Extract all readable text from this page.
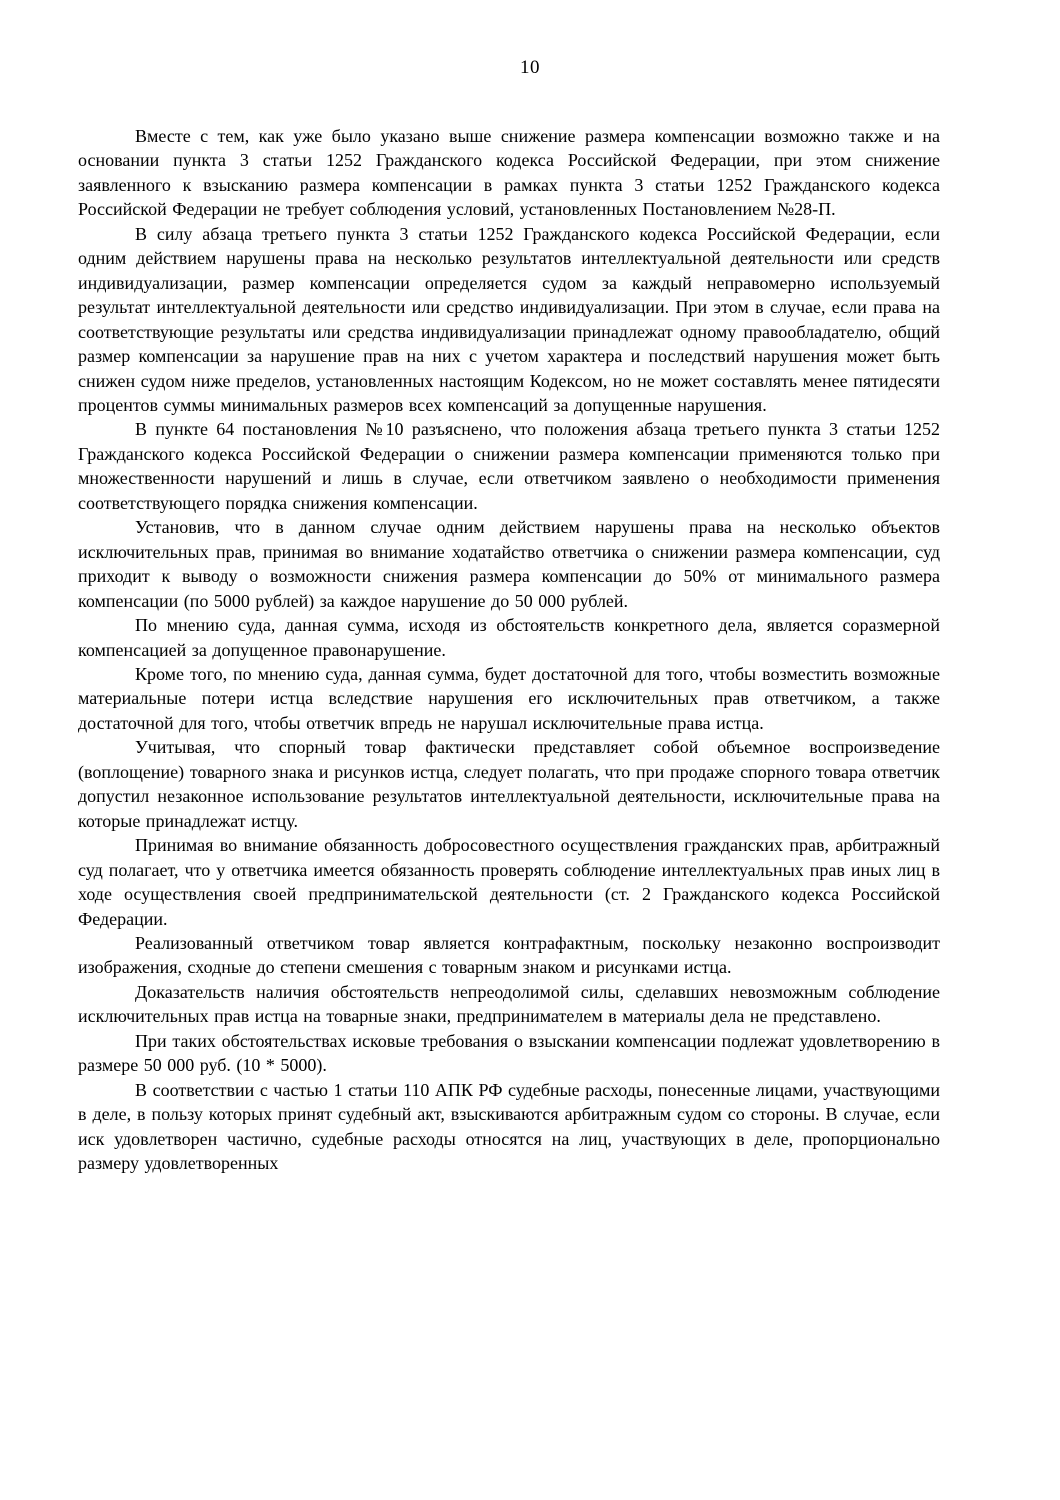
10

Вместе с тем, как уже было указано выше снижение размера компенсации возможно также и на основании пункта 3 статьи 1252 Гражданского кодекса Российской Федерации, при этом снижение заявленного к взысканию размера компенсации в рамках пункта 3 статьи 1252 Гражданского кодекса Российской Федерации не требует соблюдения условий, установленных Постановлением №28-П.

В силу абзаца третьего пункта 3 статьи 1252 Гражданского кодекса Российской Федерации, если одним действием нарушены права на несколько результатов интеллектуальной деятельности или средств индивидуализации, размер компенсации определяется судом за каждый неправомерно используемый результат интеллектуальной деятельности или средство индивидуализации. При этом в случае, если права на соответствующие результаты или средства индивидуализации принадлежат одному правообладателю, общий размер компенсации за нарушение прав на них с учетом характера и последствий нарушения может быть снижен судом ниже пределов, установленных настоящим Кодексом, но не может составлять менее пятидесяти процентов суммы минимальных размеров всех компенсаций за допущенные нарушения.

В пункте 64 постановления №10 разъяснено, что положения абзаца третьего пункта 3 статьи 1252 Гражданского кодекса Российской Федерации о снижении размера компенсации применяются только при множественности нарушений и лишь в случае, если ответчиком заявлено о необходимости применения соответствующего порядка снижения компенсации.

Установив, что в данном случае одним действием нарушены права на несколько объектов исключительных прав, принимая во внимание ходатайство ответчика о снижении размера компенсации, суд приходит к выводу о возможности снижения размера компенсации до 50% от минимального размера компенсации (по 5000 рублей) за каждое нарушение до 50 000 рублей.

По мнению суда, данная сумма, исходя из обстоятельств конкретного дела, является соразмерной компенсацией за допущенное правонарушение.

Кроме того, по мнению суда, данная сумма, будет достаточной для того, чтобы возместить возможные материальные потери истца вследствие нарушения его исключительных прав ответчиком, а также достаточной для того, чтобы ответчик впредь не нарушал исключительные права истца.

Учитывая, что спорный товар фактически представляет собой объемное воспроизведение (воплощение) товарного знака и рисунков истца, следует полагать, что при продаже спорного товара ответчик допустил незаконное использование результатов интеллектуальной деятельности, исключительные права на которые принадлежат истцу.

Принимая во внимание обязанность добросовестного осуществления гражданских прав, арбитражный суд полагает, что у ответчика имеется обязанность проверять соблюдение интеллектуальных прав иных лиц в ходе осуществления своей предпринимательской деятельности (ст. 2 Гражданского кодекса Российской Федерации.

Реализованный ответчиком товар является контрафактным, поскольку незаконно воспроизводит изображения, сходные до степени смешения с товарным знаком и рисунками истца.

Доказательств наличия обстоятельств непреодолимой силы, сделавших невозможным соблюдение исключительных прав истца на товарные знаки, предпринимателем в материалы дела не представлено.

При таких обстоятельствах исковые требования о взыскании компенсации подлежат удовлетворению в размере 50 000 руб. (10 * 5000).

В соответствии с частью 1 статьи 110 АПК РФ судебные расходы, понесенные лицами, участвующими в деле, в пользу которых принят судебный акт, взыскиваются арбитражным судом со стороны. В случае, если иск удовлетворен частично, судебные расходы относятся на лиц, участвующих в деле, пропорционально размеру удовлетворенных
